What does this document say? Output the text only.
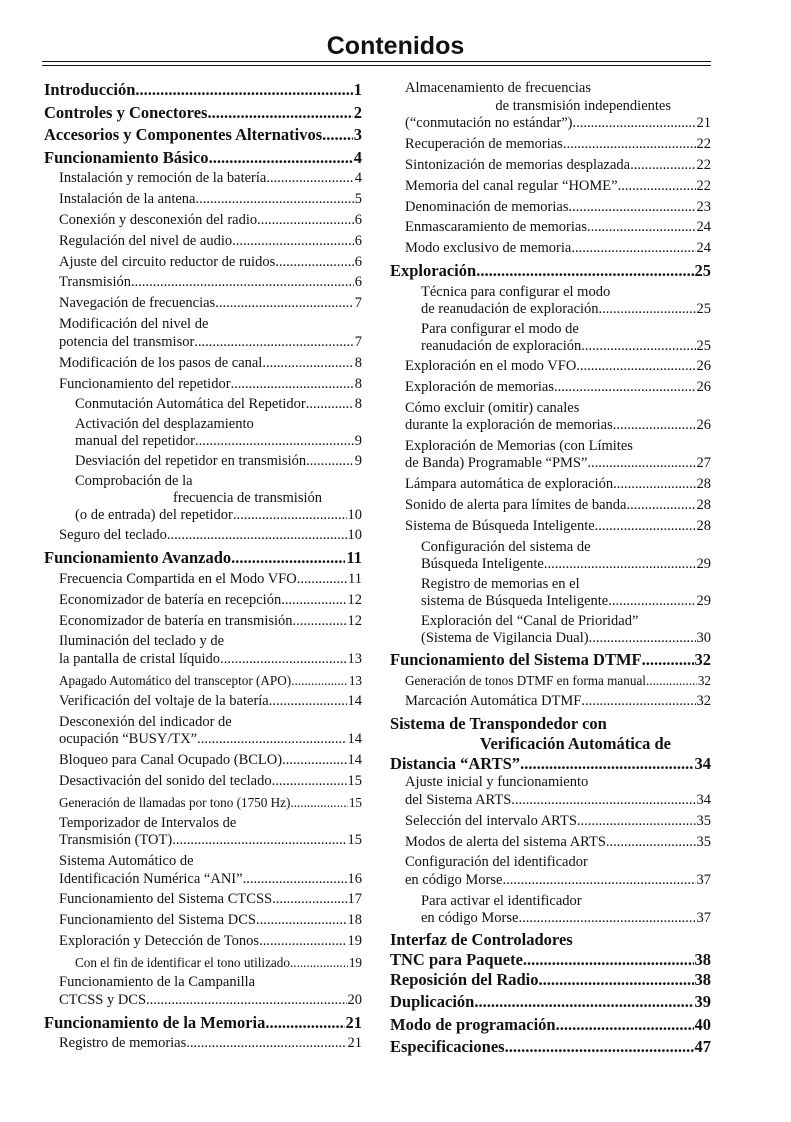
Contenidos
Introducción .....	1
Controles y Conectores .....	2
Accesorios y Componentes Alternativos ..... 3
Funcionamiento Básico .....	4
Instalación y remoción de la batería .....	4
Instalación de la antena .....	5
Conexión y desconexión del radio .....	6
Regulación del nivel de audio .....	6
Ajuste del circuito reductor de ruidos .....	6
Transmisión .....	6
Navegación de frecuencias .....	7
Modificación del nivel de
potencia del transmisor .....	7
Modificación de los pasos de canal .....	8
Funcionamiento del repetidor .....	8
Conmutación Automática del Repetidor .....	8
Activación del desplazamiento
manual del repetidor .....	9
Desviación del repetidor en transmisión .....	9
Comprobación de la
frecuencia de transmisión
(o de entrada) del repetidor .....	10
Seguro del teclado .....	10
Funcionamiento Avanzado .....	11
Frecuencia Compartida en el Modo VFO .....	11
Economizador de batería en recepción .....	12
Economizador de batería en transmisión .....	12
Iluminación del teclado y de
la pantalla de cristal líquido .....	13
Apagado Automático del transceptor (APO) .....	13
Verificación del voltaje de la batería .....	14
Desconexión del indicador de
ocupación “BUSY/TX” .....	14
Bloqueo para Canal Ocupado (BCLO) .....	14
Desactivación del sonido del teclado .....	15
Generación de llamadas por tono (1750 Hz) .....	15
Temporizador de Intervalos de
Transmisión (TOT) .....	15
Sistema Automático de
Identificación Numérica “ANI” .....	16
Funcionamiento del Sistema CTCSS .....	17
Funcionamiento del Sistema DCS .....	18
Exploración y Detección de Tonos .....	19
Con el fin de identificar el tono utilizado .....	19
Funcionamiento de la Campanilla
CTCSS y DCS .....	20
Funcionamiento de la Memoria .....	21
Registro de memorias .....	21
Almacenamiento de frecuencias
de transmisión independientes
(“conmutación no estándar”) .....	21
Recuperación de memorias .....	22
Sintonización de memorias desplazada .....	22
Memoria del canal regular “HOME” .....	22
Denominación de memorias .....	23
Enmascaramiento de memorias .....	24
Modo exclusivo de memoria .....	24
Exploración .....	25
Técnica para configurar el modo
de reanudación de exploración .....	25
Para configurar el modo de
reanudación de exploración .....	25
Exploración en el modo VFO .....	26
Exploración de memorias .....	26
Cómo excluir (omitir) canales
durante la exploración de memorias .....	26
Exploración de Memorias (con Límites
de Banda) Programable “PMS” .....	27
Lámpara automática de exploración .....	28
Sonido de alerta para límites de banda .....	28
Sistema de Búsqueda Inteligente .....	28
Configuración del sistema de
Búsqueda Inteligente .....	29
Registro de memorias en el
sistema de Búsqueda Inteligente .....	29
Exploración del “Canal de Prioridad”
(Sistema de Vigilancia Dual) .....	30
Funcionamiento del Sistema DTMF .....	32
Generación de tonos DTMF en forma manual .....	32
Marcación Automática DTMF .....	32
Sistema de Transpondedor con
Verificación Automática de
Distancia “ARTS” .....	34
Ajuste inicial y funcionamiento
del Sistema ARTS .....	34
Selección del intervalo ARTS .....	35
Modos de alerta del sistema ARTS .....	35
Configuración del identificador
en código Morse .....	37
Para activar el identificador
en código Morse .....	37
Interfaz de Controladores
TNC para Paquete .....	38
Reposición del Radio .....	38
Duplicación .....	39
Modo de programación .....	40
Especificaciones .....	47
